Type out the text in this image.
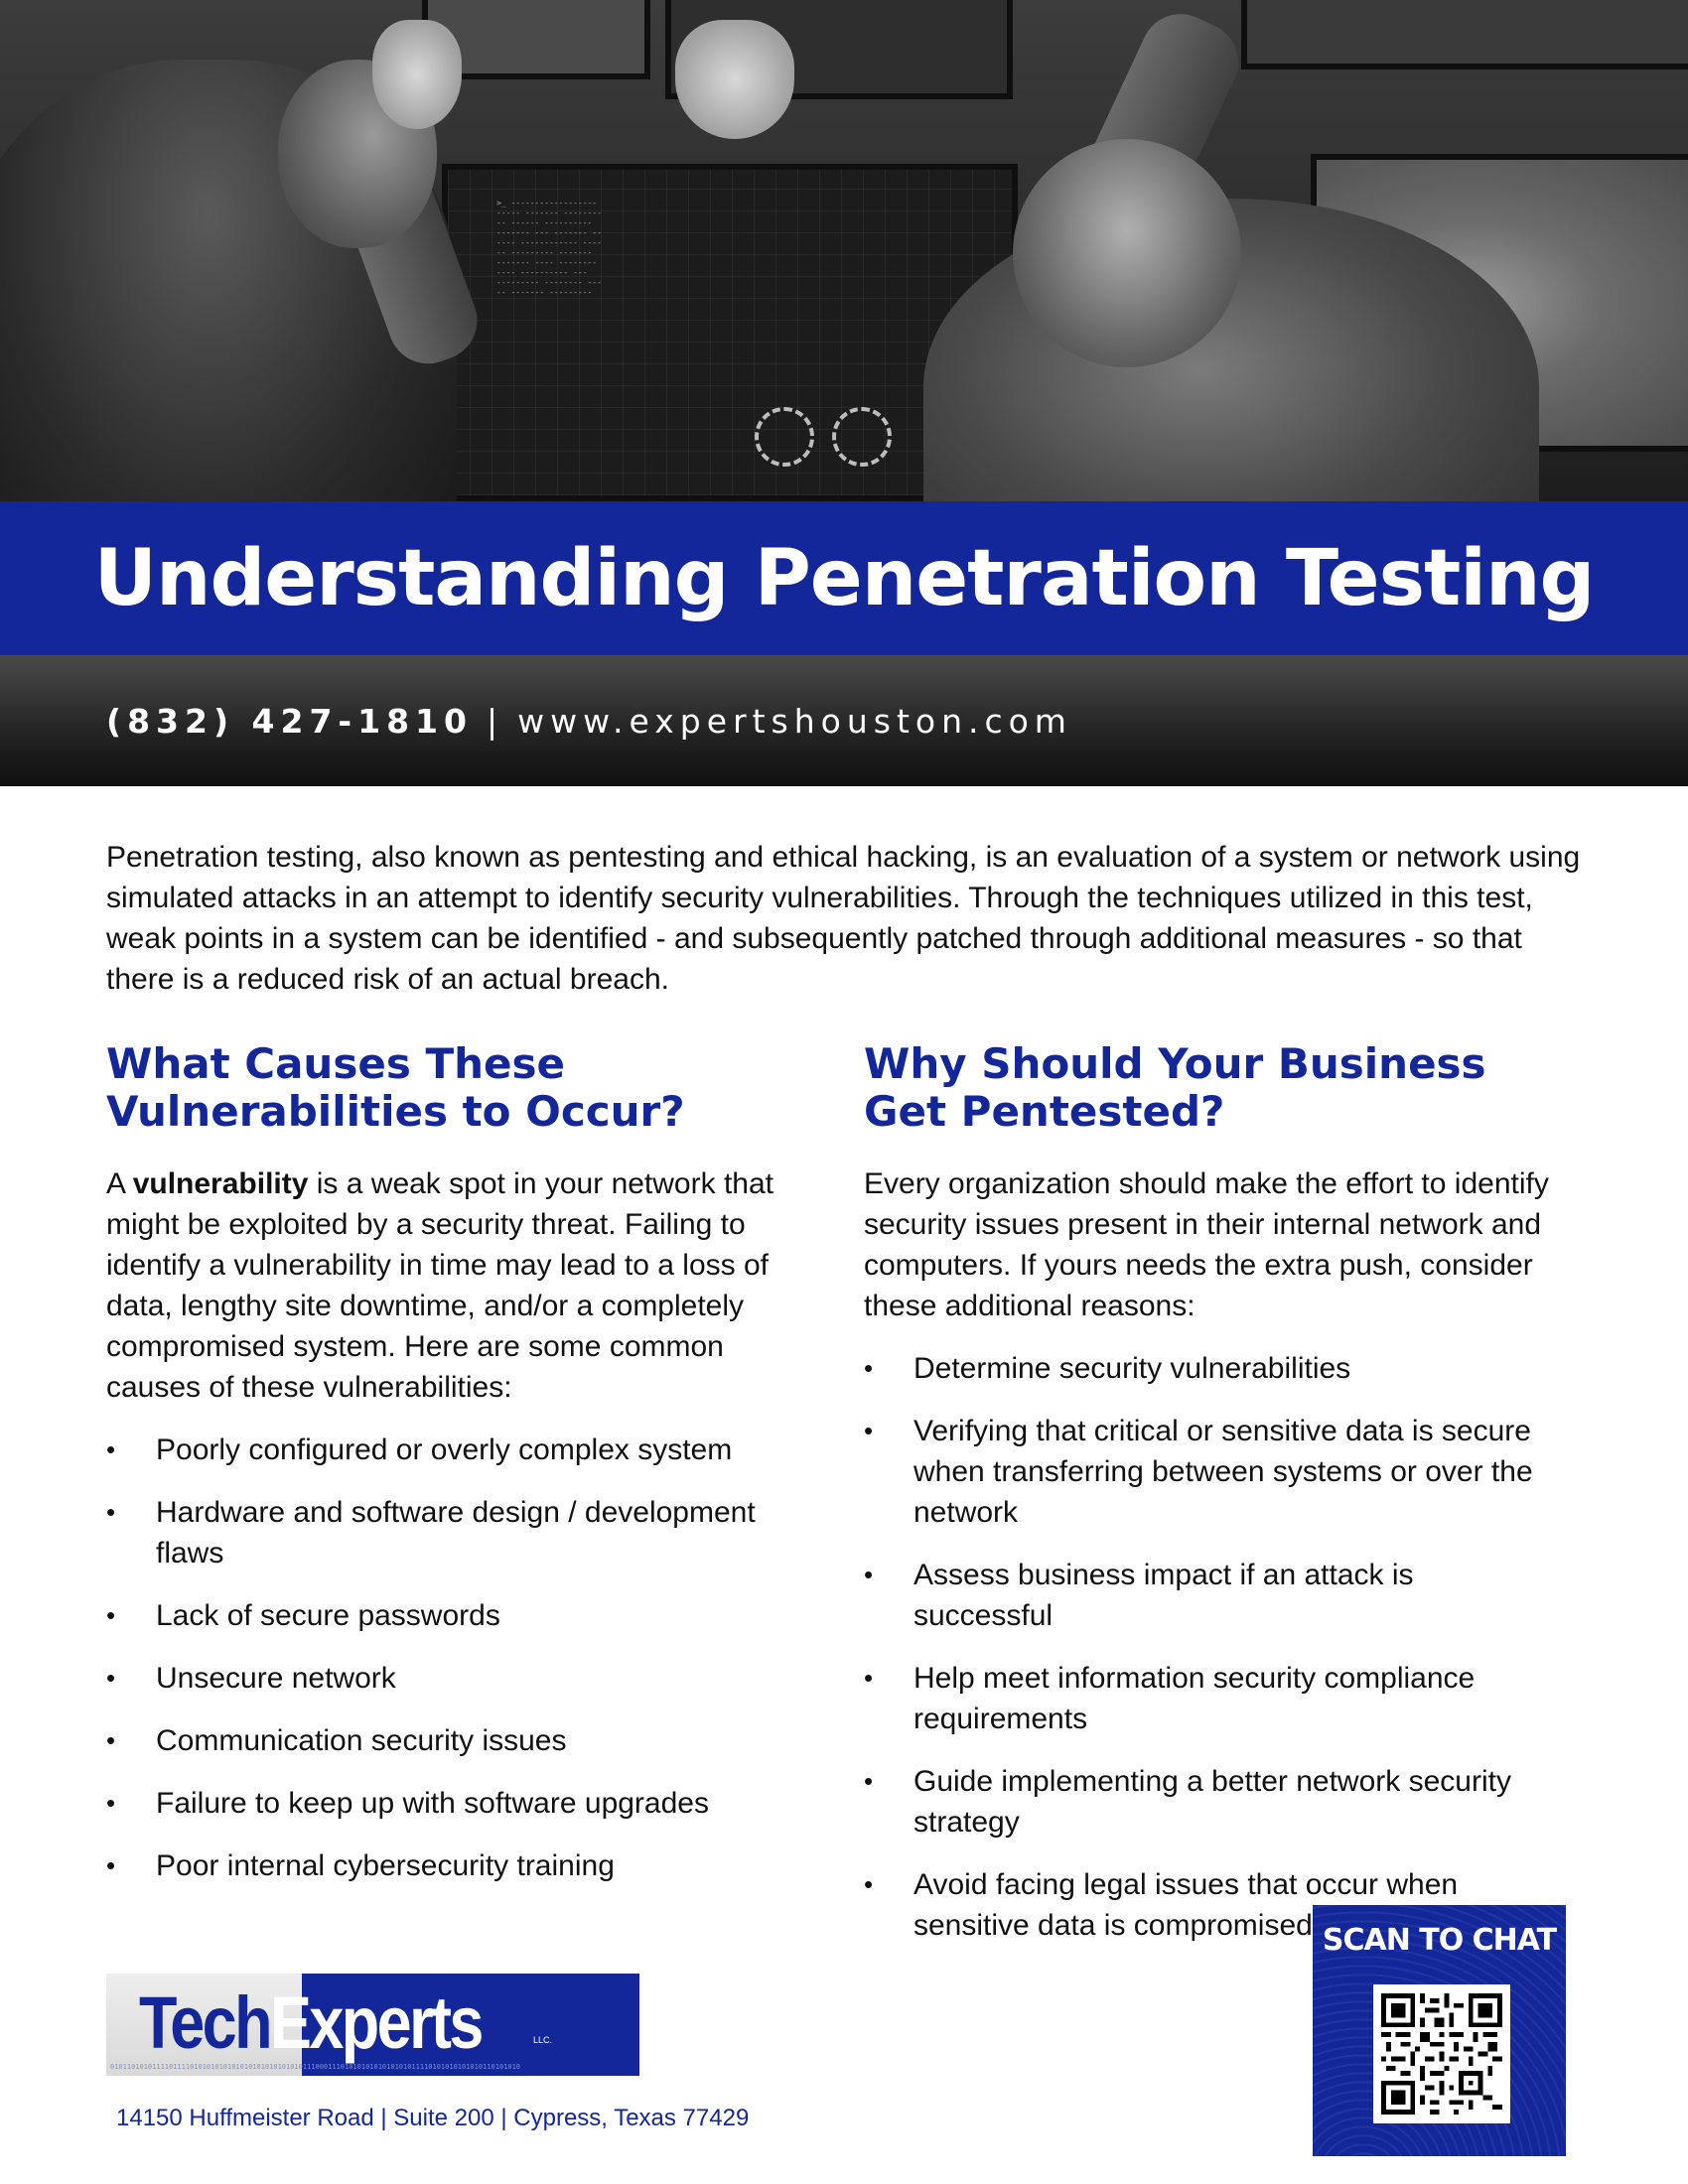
>_ ------------------
----- ------- --------
-- ------ ----------
------- --- ------- --
---- ------------ ----
-- --------- -------
------- ---- --------
---- ---------- ---
--------- -------- ---
-- ------- ---------
Understanding Penetration Testing
(832) 427-1810 | www.expertshouston.com

Penetration testing, also known as pentesting and ethical hacking, is an evaluation of a system or network using simulated attacks in an attempt to identify security vulnerabilities. Through the techniques utilized in this test, weak points in a system can be identified - and subsequently patched through additional measures - so that there is a reduced risk of an actual breach.

What Causes These
Vulnerabilities to Occur?

A vulnerability is a weak spot in your network that might be exploited by a security threat. Failing to identify a vulnerability in time may lead to a loss of data, lengthy site downtime, and/or a completely compromised system. Here are some common causes of these vulnerabilities:

• Poorly configured or overly complex system
• Hardware and software design / development flaws
• Lack of secure passwords
• Unsecure network
• Communication security issues
• Failure to keep up with software upgrades
• Poor internal cybersecurity training
Why Should Your Business
Get Pentested?

Every organization should make the effort to identify security issues present in their internal network and computers. If yours needs the extra push, consider these additional reasons:

• Determine security vulnerabilities
• Verifying that critical or sensitive data is secure when transferring between systems or over the network
• Assess business impact if an attack is successful
• Help meet information security compliance requirements
• Guide implementing a better network security strategy
• Avoid facing legal issues that occur when sensitive data is compromised
TechExperts	LLC.
01011010101111011110101010101010101010101010101110001110101010101010101011110101010101010110101010
14150 Huffmeister Road | Suite 200 | Cypress, Texas 77429
SCAN TO CHAT
